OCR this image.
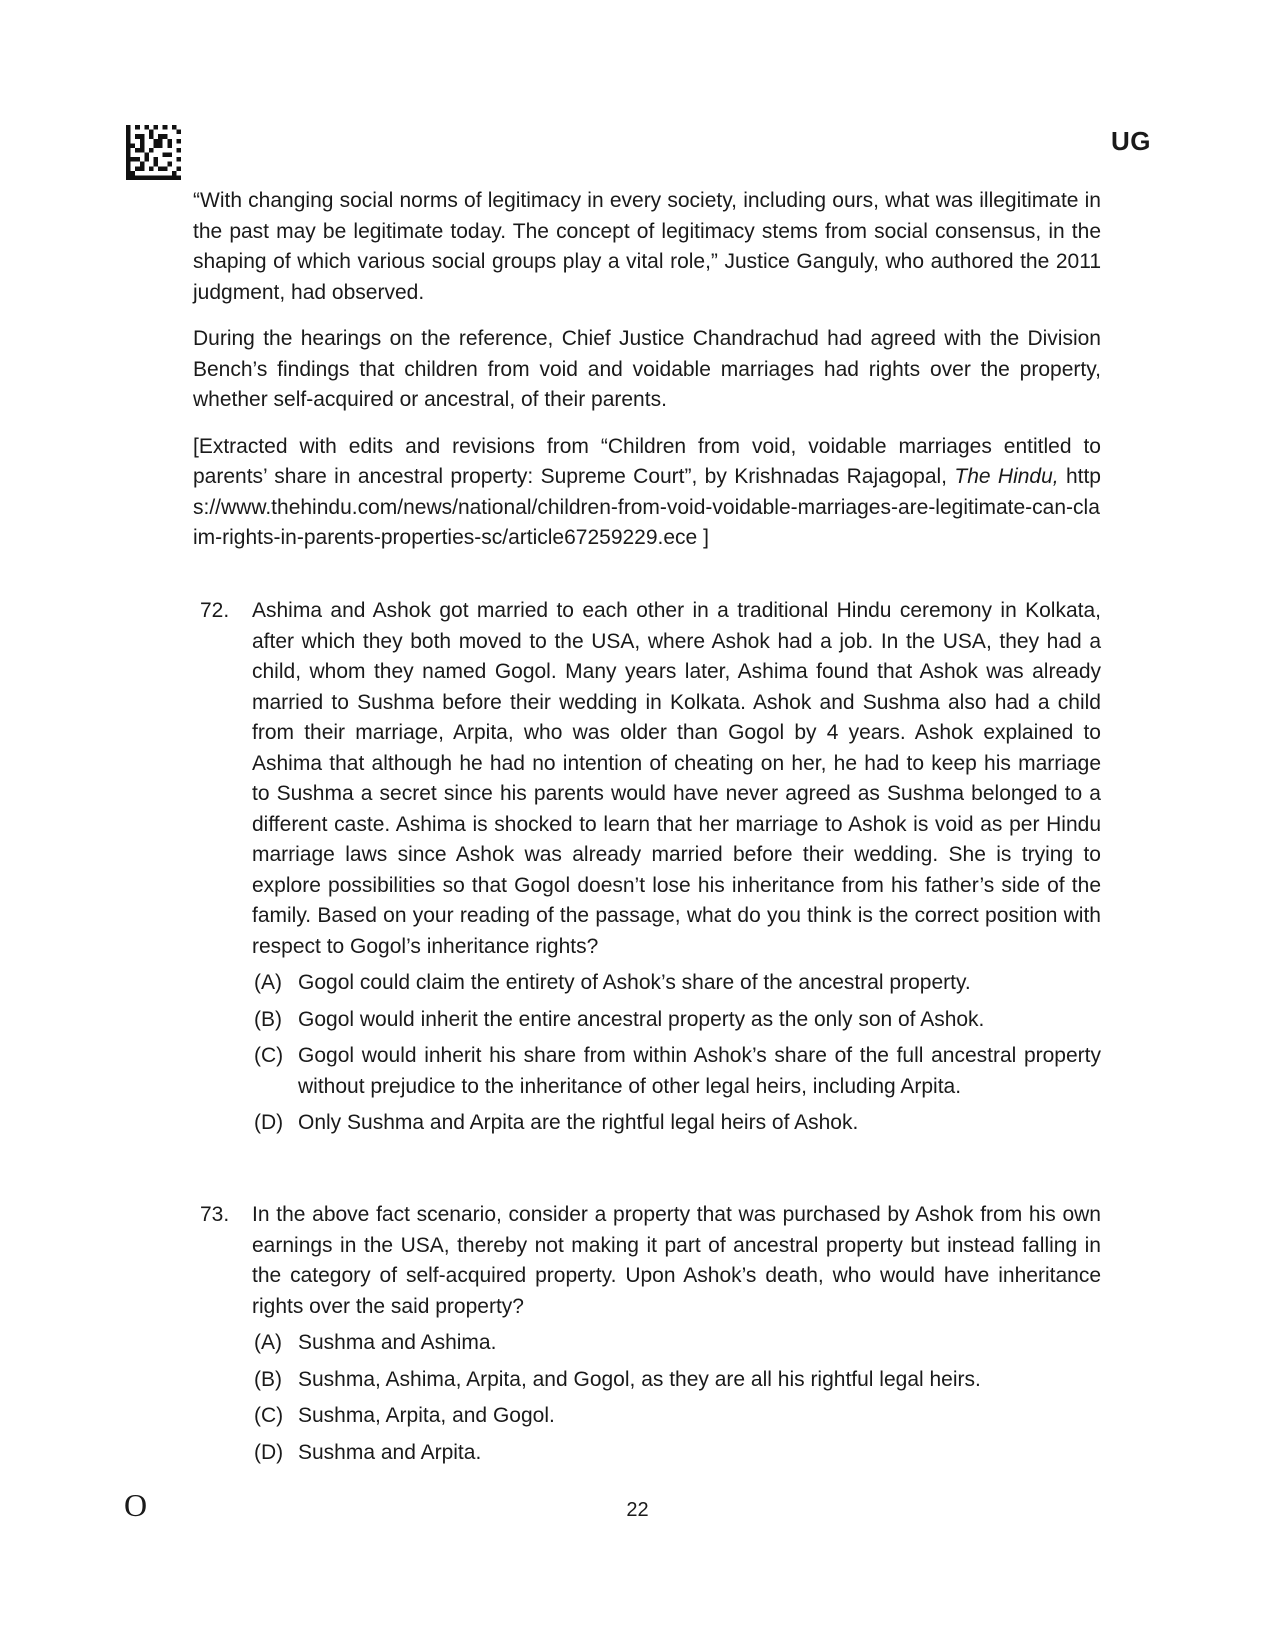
UG

“With changing social norms of legitimacy in every society, including ours, what was illegitimate in the past may be legitimate today. The concept of legitimacy stems from social consensus, in the shaping of which various social groups play a vital role,” Justice Ganguly, who authored the 2011 judgment, had observed.

During the hearings on the reference, Chief Justice Chandrachud had agreed with the Division Bench’s findings that children from void and voidable marriages had rights over the property, whether self-acquired or ancestral, of their parents.

[Extracted with edits and revisions from “Children from void, voidable marriages entitled to parents’ share in ancestral property: Supreme Court”, by Krishnadas Rajagopal, The Hindu, https://www.thehindu.com/news/national/children-from-void-voidable-marriages-are-legitimate-can-claim-rights-in-parents-properties-sc/article67259229.ece ]

72. Ashima and Ashok got married to each other in a traditional Hindu ceremony in Kolkata, after which they both moved to the USA, where Ashok had a job. In the USA, they had a child, whom they named Gogol. Many years later, Ashima found that Ashok was already married to Sushma before their wedding in Kolkata. Ashok and Sushma also had a child from their marriage, Arpita, who was older than Gogol by 4 years. Ashok explained to Ashima that although he had no intention of cheating on her, he had to keep his marriage to Sushma a secret since his parents would have never agreed as Sushma belonged to a different caste. Ashima is shocked to learn that her marriage to Ashok is void as per Hindu marriage laws since Ashok was already married before their wedding. She is trying to explore possibilities so that Gogol doesn’t lose his inheritance from his father’s side of the family. Based on your reading of the passage, what do you think is the correct position with respect to Gogol’s inheritance rights?
(A) Gogol could claim the entirety of Ashok’s share of the ancestral property.
(B) Gogol would inherit the entire ancestral property as the only son of Ashok.
(C) Gogol would inherit his share from within Ashok’s share of the full ancestral property without prejudice to the inheritance of other legal heirs, including Arpita.
(D) Only Sushma and Arpita are the rightful legal heirs of Ashok.
73. In the above fact scenario, consider a property that was purchased by Ashok from his own earnings in the USA, thereby not making it part of ancestral property but instead falling in the category of self-acquired property. Upon Ashok’s death, who would have inheritance rights over the said property?
(A) Sushma and Ashima.
(B) Sushma, Ashima, Arpita, and Gogol, as they are all his rightful legal heirs.
(C) Sushma, Arpita, and Gogol.
(D) Sushma and Arpita.
O	22
